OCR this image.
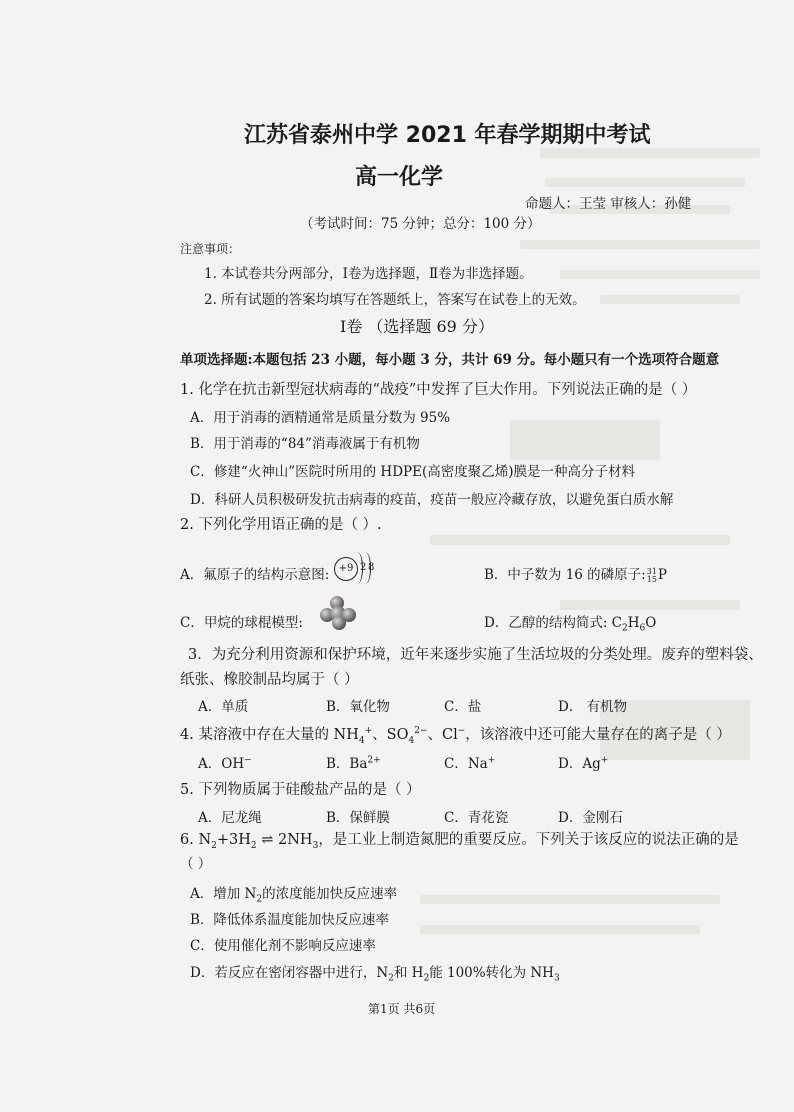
江苏省泰州中学 2021 年春学期期中考试
高一化学
命题人：王莹 审核人：孙健
（考试时间：75 分钟；总分：100 分）
注意事项：
1. 本试卷共分两部分，Ⅰ卷为选择题，Ⅱ卷为非选择题。
2. 所有试题的答案均填写在答题纸上，答案写在试卷上的无效。
Ⅰ卷 （选择题 69 分）
单项选择题:本题包括 23 小题，每小题 3 分，共计 69 分。每小题只有一个选项符合题意
1. 化学在抗击新型冠状病毒的“战疫”中发挥了巨大作用。下列说法正确的是（ ）
A．用于消毒的酒精通常是质量分数为 95%
B．用于消毒的“84”消毒液属于有机物
C．修建“火神山”医院时所用的 HDPE(高密度聚乙烯)膜是一种高分子材料
D．科研人员积极研发抗击病毒的疫苗，疫苗一般应冷藏存放，以避免蛋白质水解
2. 下列化学用语正确的是（ ）.
A．氟原子的结构示意图: +9 2 8	B．中子数为 16 的磷原子:31
15P
C．甲烷的球棍模型:	D．乙醇的结构简式: $C_2H_6O$
3．为充分利用资源和保护环境，近年来逐步实施了生活垃圾的分类处理。废弃的塑料袋、
纸张、橡胶制品均属于（ ）
A．单质	B．氧化物	C．盐	D． 有机物
4. 某溶液中存在大量的 $NH_4^+$、$SO_4^{2-}$、Cl−，该溶液中还可能大量存在的离子是（ ）
A．OH−	B．$Ba^{2+}$	C．Na+	D．Ag+
5. 下列物质属于硅酸盐产品的是（ ）
A．尼龙绳	B．保鲜膜	C．青花瓷	D．金刚石
6. $N_2+3H_2$ ⇌ $2NH_3$，是工业上制造氮肥的重要反应。下列关于该反应的说法正确的是
（ ）
A．增加 $N_2$的浓度能加快反应速率
B．降低体系温度能加快反应速率
C．使用催化剂不影响反应速率
D．若反应在密闭容器中进行，$N_2$和 $H_2$能 100%转化为 $NH_3$
第1页 共6页
